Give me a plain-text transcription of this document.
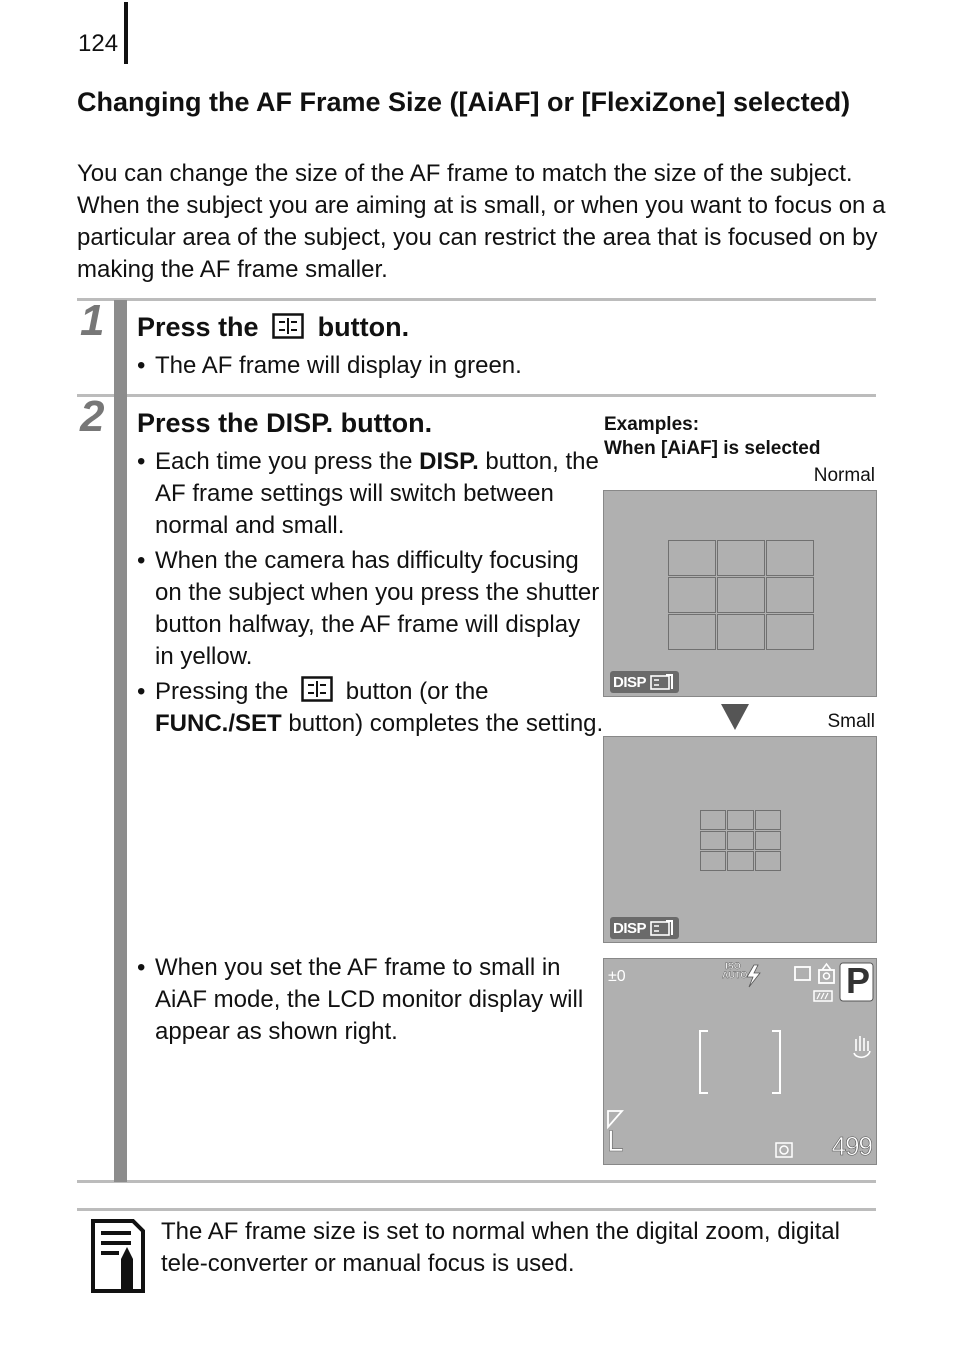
124
Changing the AF Frame Size ([AiAF] or [FlexiZone] selected)
You can change the size of the AF frame to match the size of the subject. When the subject you are aiming at is small, or when you want to focus on a particular area of the subject, you can restrict the area that is focused on by making the AF frame smaller.
1 Press the button.
• The AF frame will display in green.
2 Press the DISP. button.
• Each time you press the DISP. button, the AF frame settings will switch between normal and small.
• When the camera has difficulty focusing on the subject when you press the shutter button halfway, the AF frame will display in yellow.
• Pressing the button (or the FUNC./SET button) completes the setting.
• When you set the AF frame to small in AiAF mode, the LCD monitor display will appear as shown right.
Examples:
When [AiAF] is selected
Normal
DISP
Small
DISP
±0
ISO AUTO	P
L	499
The AF frame size is set to normal when the digital zoom, digital tele-converter or manual focus is used.
